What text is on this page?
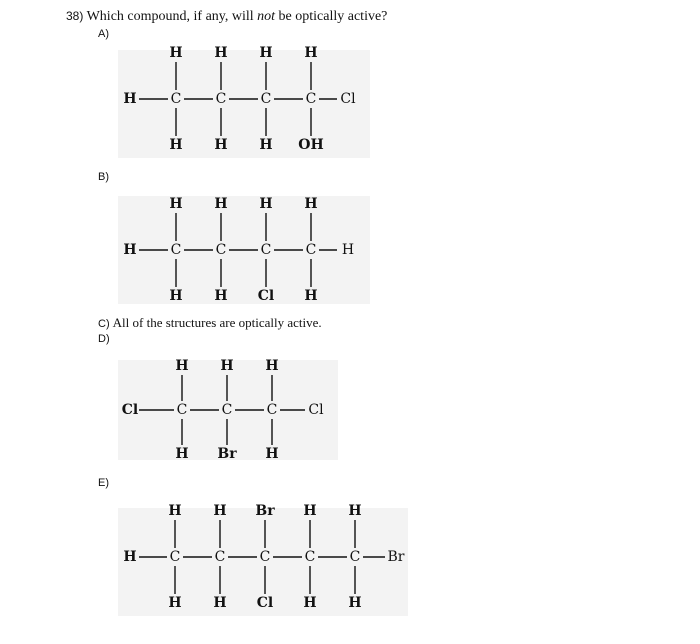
38) Which compound, if any, will not be optically active?
A)
B)
C) All of the structures are optically active.
D)
E)
H C C C C Cl
H H H H
H H H OH
H C C C C H
H H H H
H H Cl H
Cl	C C C Cl
H H H
H Br H
H C C C C C Br
H H Br H H
H H Cl H H
